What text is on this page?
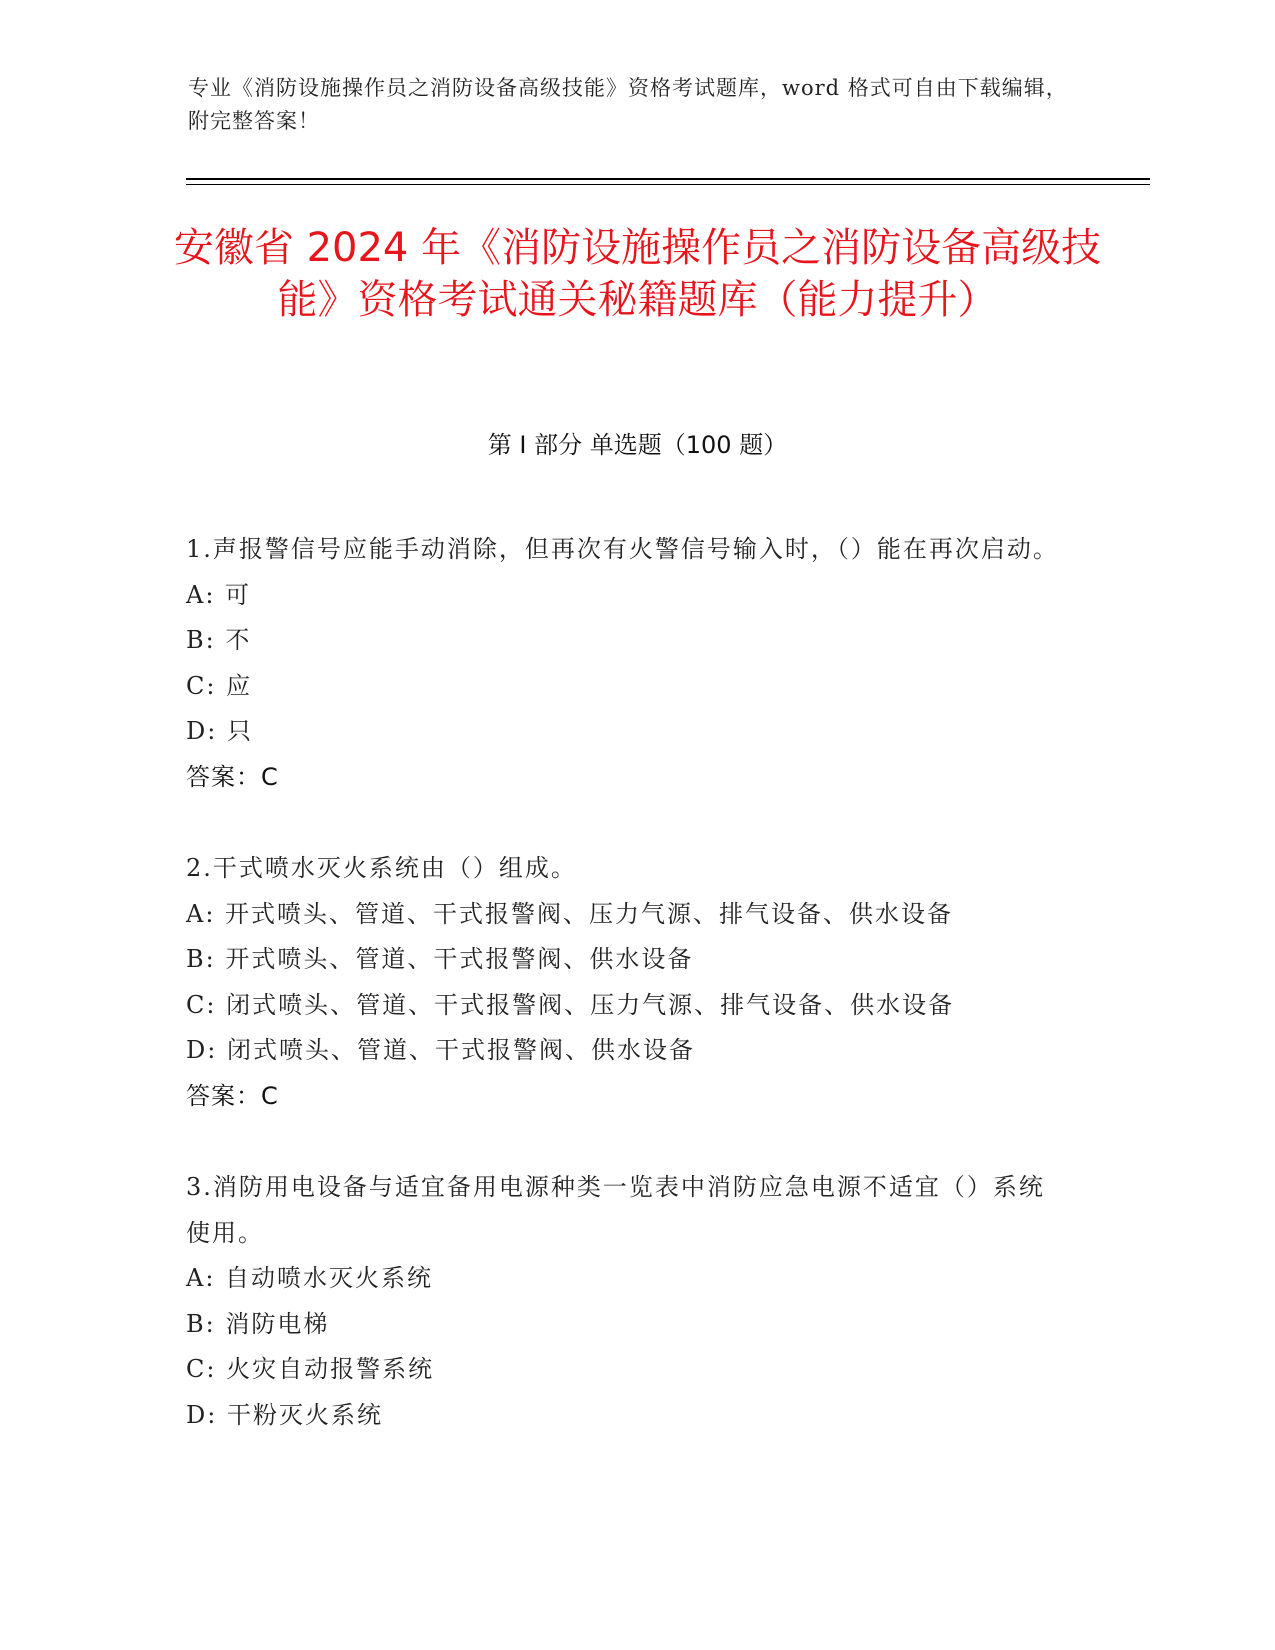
专业《消防设施操作员之消防设备高级技能》资格考试题库，word 格式可自由下载编辑，附完整答案！
安徽省 2024 年《消防设施操作员之消防设备高级技能》资格考试通关秘籍题库（能力提升）
第 I 部分 单选题（100 题）

1.声报警信号应能手动消除，但再次有火警信号输入时，（）能在再次启动。

A: 可

B: 不

C: 应

D: 只

答案：C

2.干式喷水灭火系统由（）组成。

A: 开式喷头、管道、干式报警阀、压力气源、排气设备、供水设备

B: 开式喷头、管道、干式报警阀、供水设备

C: 闭式喷头、管道、干式报警阀、压力气源、排气设备、供水设备

D: 闭式喷头、管道、干式报警阀、供水设备

答案：C

3.消防用电设备与适宜备用电源种类一览表中消防应急电源不适宜（）系统使用。

A: 自动喷水灭火系统

B: 消防电梯

C: 火灾自动报警系统

D: 干粉灭火系统
